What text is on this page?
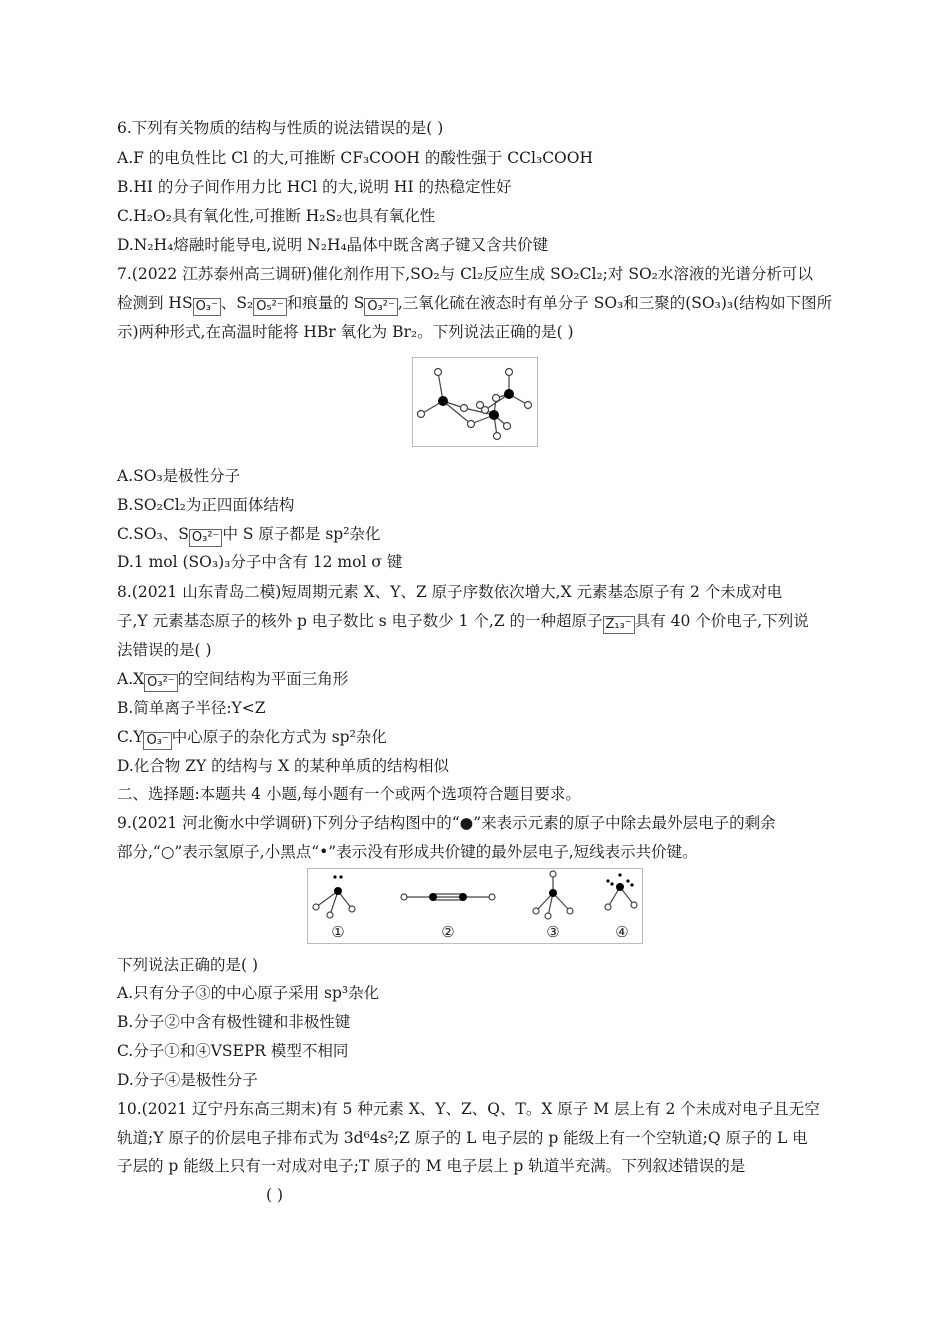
6.下列有关物质的结构与性质的说法错误的是( )
A.F 的电负性比 Cl 的大,可推断 CF₃COOH 的酸性强于 CCl₃COOH
B.HI 的分子间作用力比 HCl 的大,说明 HI 的热稳定性好
C.H₂O₂具有氧化性,可推断 H₂S₂也具有氧化性
D.N₂H₄熔融时能导电,说明 N₂H₄晶体中既含离子键又含共价键
7.(2022 江苏泰州高三调研)催化剂作用下,SO₂与 Cl₂反应生成 SO₂Cl₂;对 SO₂水溶液的光谱分析可以
检测到 HS O₃⁻ 、S₂ O₅²⁻ 和痕量的 S O₃²⁻ ,三氧化硫在液态时有单分子 SO₃和三聚的(SO₃)₃(结构如下图所
示)两种形式,在高温时能将 HBr 氧化为 Br₂。下列说法正确的是( )
A.SO₃是极性分子
B.SO₂Cl₂为正四面体结构
C.SO₃、S O₃²⁻ 中 S 原子都是 sp²杂化
D.1 mol (SO₃)₃分子中含有 12 mol σ 键
8.(2021 山东青岛二模)短周期元素 X、Y、Z 原子序数依次增大,X 元素基态原子有 2 个未成对电
子,Y 元素基态原子的核外 p 电子数比 s 电子数少 1 个,Z 的一种超原子 Z₁₃⁻ 具有 40 个价电子,下列说
法错误的是( )
A.X O₃²⁻ 的空间结构为平面三角形
B.简单离子半径:Y<Z
C.Y O₃⁻ 中心原子的杂化方式为 sp²杂化
D.化合物 ZY 的结构与 X 的某种单质的结构相似
二、选择题:本题共 4 小题,每小题有一个或两个选项符合题目要求。
9.(2021 河北衡水中学调研)下列分子结构图中的“●”来表示元素的原子中除去最外层电子的剩余
部分,“○”表示氢原子,小黑点“•”表示没有形成共价键的最外层电子,短线表示共价键。
①	②	③	④
下列说法正确的是( )
A.只有分子③的中心原子采用 sp³杂化
B.分子②中含有极性键和非极性键
C.分子①和④VSEPR 模型不相同
D.分子④是极性分子
10.(2021 辽宁丹东高三期末)有 5 种元素 X、Y、Z、Q、T。X 原子 M 层上有 2 个未成对电子且无空
轨道;Y 原子的价层电子排布式为 3d⁶4s²;Z 原子的 L 电子层的 p 能级上有一个空轨道;Q 原子的 L 电
子层的 p 能级上只有一对成对电子;T 原子的 M 电子层上 p 轨道半充满。下列叙述错误的是
( )
